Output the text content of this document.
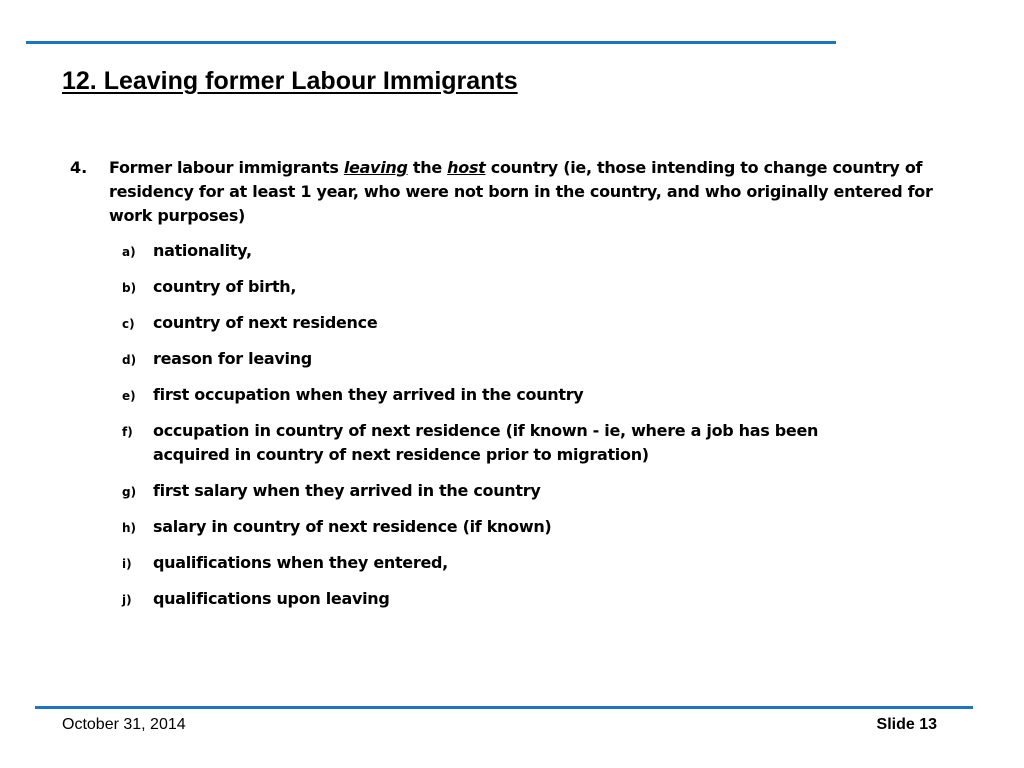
12. Leaving former Labour Immigrants
4. Former labour immigrants leaving the host country (ie, those intending to change country of residency for at least 1 year, who were not born in the country, and who originally entered for work purposes)
a) nationality,
b) country of birth,
c) country of next residence
d) reason for leaving
e) first occupation when they arrived in the country
f) occupation in country of next residence (if known - ie, where a job has been acquired in country of next residence prior to migration)
g) first salary when they arrived in the country
h) salary in country of next residence (if known)
i) qualifications when they entered,
j) qualifications upon leaving
October 31, 2014	Slide 13
